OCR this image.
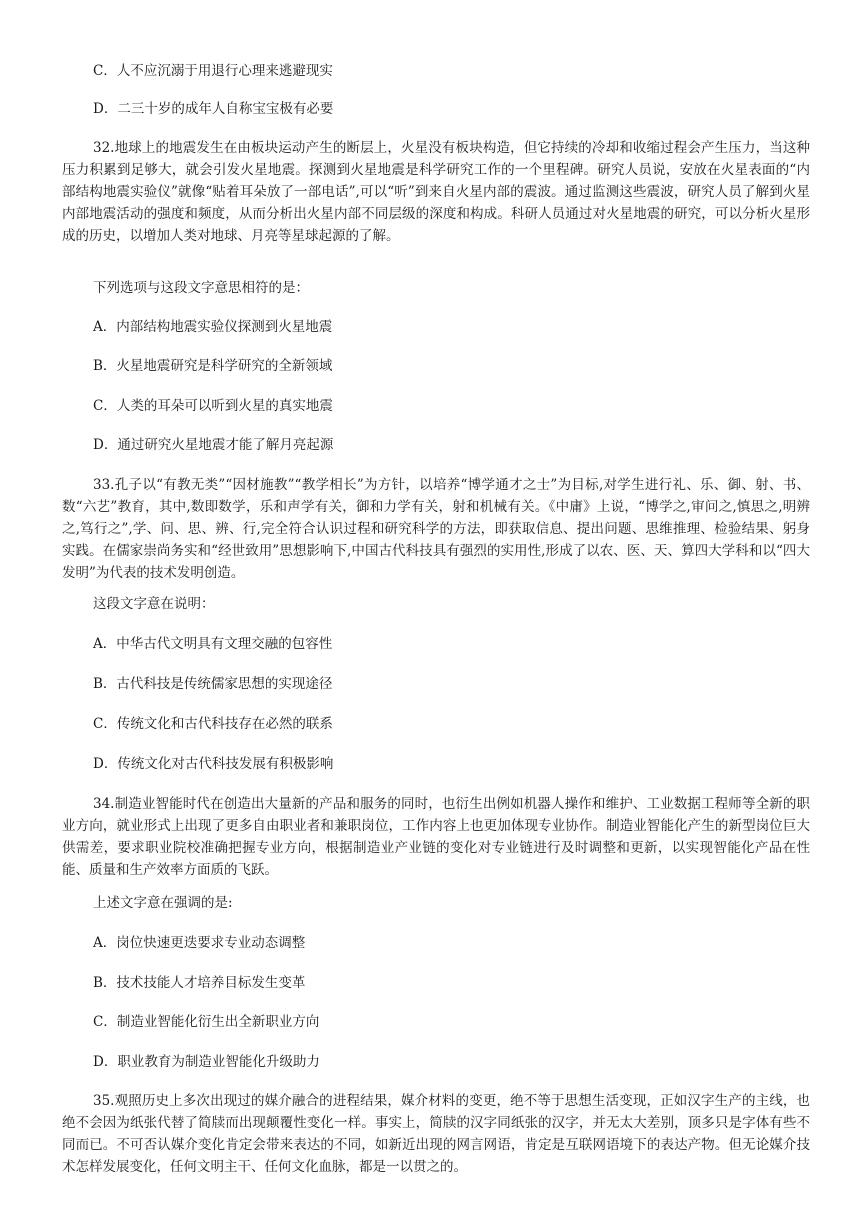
C．人不应沉溺于用退行心理来逃避现实
D．二三十岁的成年人自称宝宝极有必要
32.地球上的地震发生在由板块运动产生的断层上，火星没有板块构造，但它持续的冷却和收缩过程会产生压力，当这种压力积累到足够大，就会引发火星地震。探测到火星地震是科学研究工作的一个里程碑。研究人员说，安放在火星表面的“内部结构地震实验仪”就像“贴着耳朵放了一部电话”,可以“听”到来自火星内部的震波。通过监测这些震波，研究人员了解到火星内部地震活动的强度和频度，从而分析出火星内部不同层级的深度和构成。科研人员通过对火星地震的研究，可以分析火星形成的历史，以增加人类对地球、月亮等星球起源的了解。
下列选项与这段文字意思相符的是：
A．内部结构地震实验仪探测到火星地震
B．火星地震研究是科学研究的全新领域
C．人类的耳朵可以听到火星的真实地震
D．通过研究火星地震才能了解月亮起源
33.孔子以“有教无类”“因材施教”“教学相长”为方针，以培养“博学通才之士”为目标,对学生进行礼、乐、御、射、书、数“六艺”教育，其中,数即数学，乐和声学有关，御和力学有关，射和机械有关。《中庸》上说，“博学之,审问之,慎思之,明辨之,笃行之”,学、问、思、辨、行,完全符合认识过程和研究科学的方法，即获取信息、提出问题、思维推理、检验结果、躬身实践。在儒家崇尚务实和“经世致用”思想影响下,中国古代科技具有强烈的实用性,形成了以农、医、天、算四大学科和以“四大发明”为代表的技术发明创造。
这段文字意在说明：
A．中华古代文明具有文理交融的包容性
B．古代科技是传统儒家思想的实现途径
C．传统文化和古代科技存在必然的联系
D．传统文化对古代科技发展有积极影响
34.制造业智能时代在创造出大量新的产品和服务的同时，也衍生出例如机器人操作和维护、工业数据工程师等全新的职业方向，就业形式上出现了更多自由职业者和兼职岗位，工作内容上也更加体现专业协作。制造业智能化产生的新型岗位巨大供需差，要求职业院校准确把握专业方向，根据制造业产业链的变化对专业链进行及时调整和更新，以实现智能化产品在性能、质量和生产效率方面质的飞跃。
上述文字意在强调的是:
A．岗位快速更迭要求专业动态调整
B．技术技能人才培养目标发生变革
C．制造业智能化衍生出全新职业方向
D．职业教育为制造业智能化升级助力
35.观照历史上多次出现过的媒介融合的进程结果，媒介材料的变更，绝不等于思想生活变现，正如汉字生产的主线，也绝不会因为纸张代替了简牍而出现颠覆性变化一样。事实上，简牍的汉字同纸张的汉字，并无太大差别，顶多只是字体有些不同而已。不可否认媒介变化肯定会带来表达的不同，如新近出现的网言网语，肯定是互联网语境下的表达产物。但无论媒介技术怎样发展变化，任何文明主干、任何文化血脉，都是一以贯之的。
